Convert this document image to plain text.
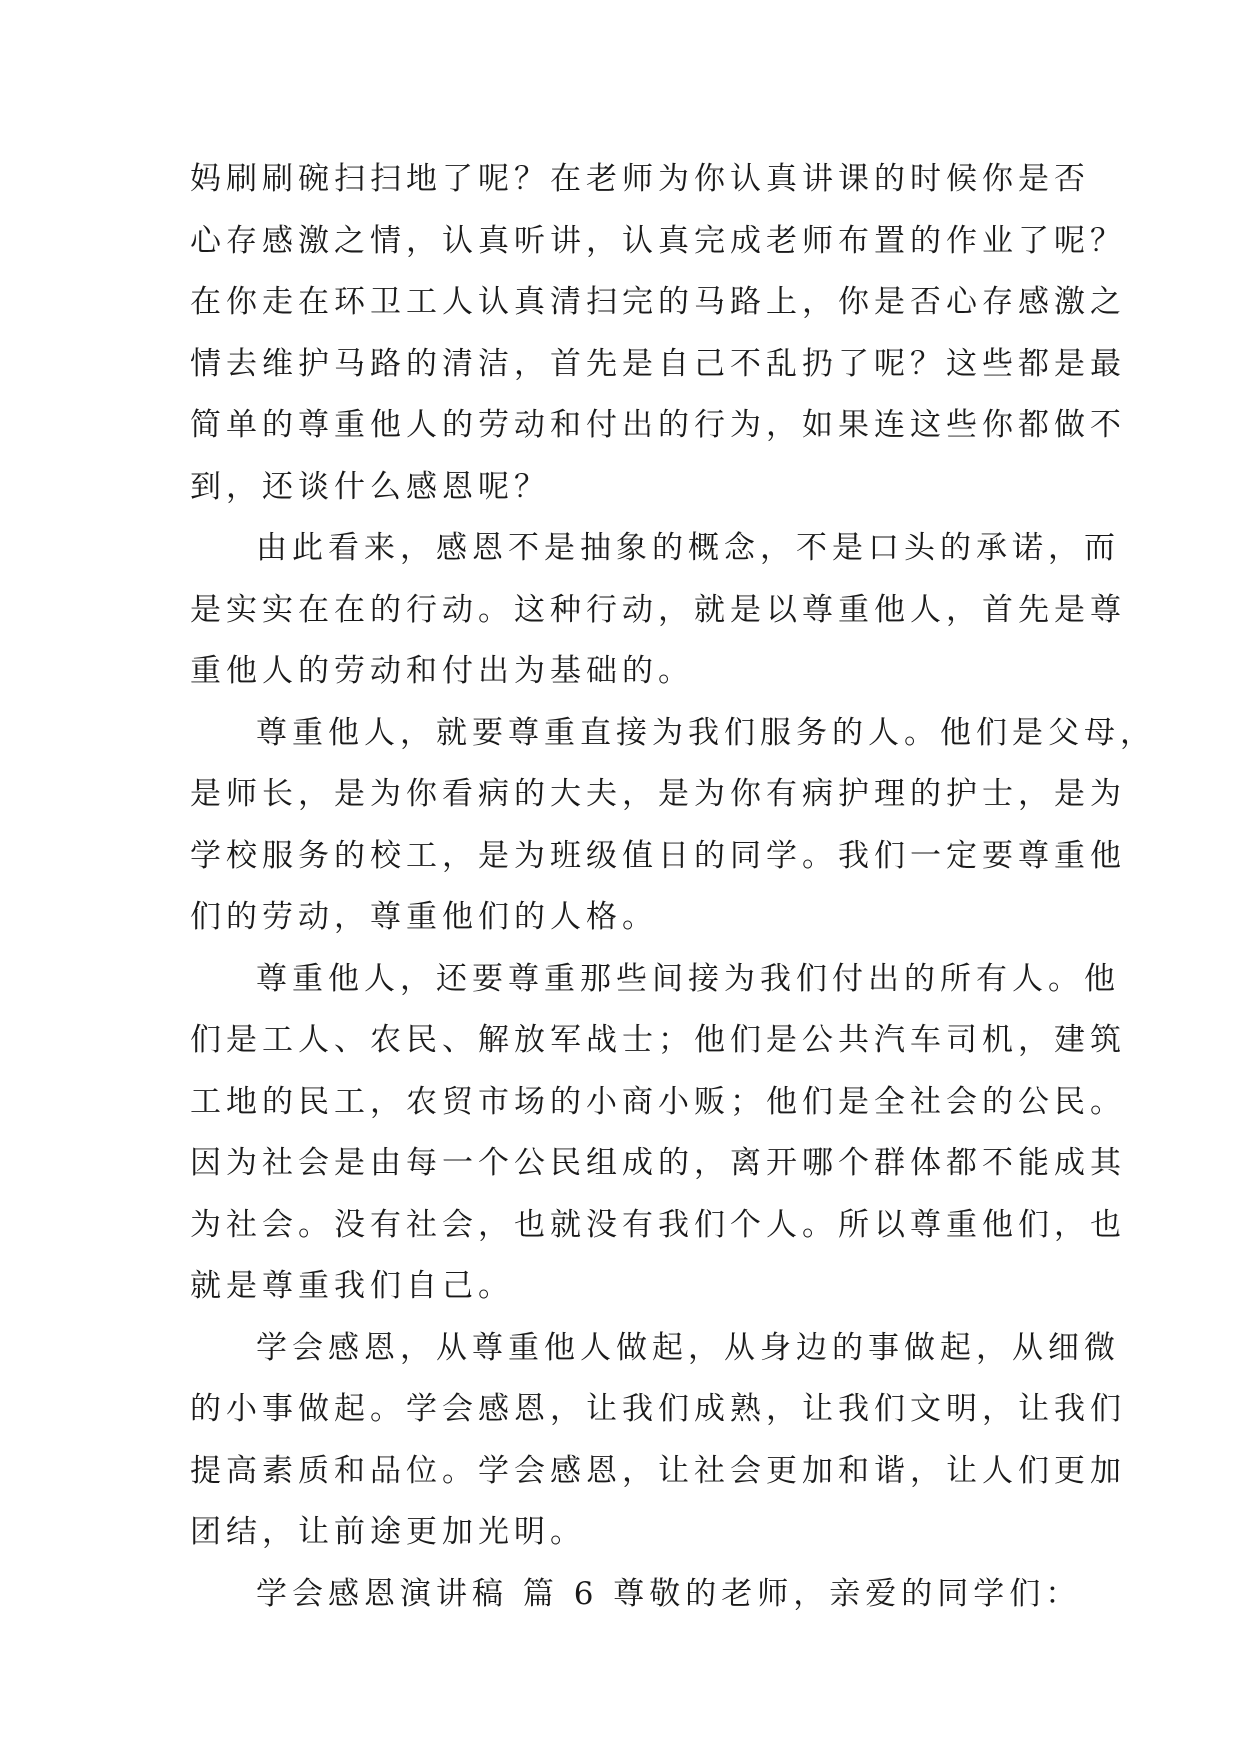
妈刷刷碗扫扫地了呢？在老师为你认真讲课的时候你是否
心存感激之情，认真听讲，认真完成老师布置的作业了呢？
在你走在环卫工人认真清扫完的马路上，你是否心存感激之
情去维护马路的清洁，首先是自己不乱扔了呢？这些都是最
简单的尊重他人的劳动和付出的行为，如果连这些你都做不
到，还谈什么感恩呢？
由此看来，感恩不是抽象的概念，不是口头的承诺，而
是实实在在的行动。这种行动，就是以尊重他人，首先是尊
重他人的劳动和付出为基础的。
尊重他人，就要尊重直接为我们服务的人。他们是父母，
是师长，是为你看病的大夫，是为你有病护理的护士，是为
学校服务的校工，是为班级值日的同学。我们一定要尊重他
们的劳动，尊重他们的人格。
尊重他人，还要尊重那些间接为我们付出的所有人。他
们是工人、农民、解放军战士；他们是公共汽车司机，建筑
工地的民工，农贸市场的小商小贩；他们是全社会的公民。
因为社会是由每一个公民组成的，离开哪个群体都不能成其
为社会。没有社会，也就没有我们个人。所以尊重他们，也
就是尊重我们自己。
学会感恩，从尊重他人做起，从身边的事做起，从细微
的小事做起。学会感恩，让我们成熟，让我们文明，让我们
提高素质和品位。学会感恩，让社会更加和谐，让人们更加
团结，让前途更加光明。
学会感恩演讲稿 篇 6 尊敬的老师，亲爱的同学们：
